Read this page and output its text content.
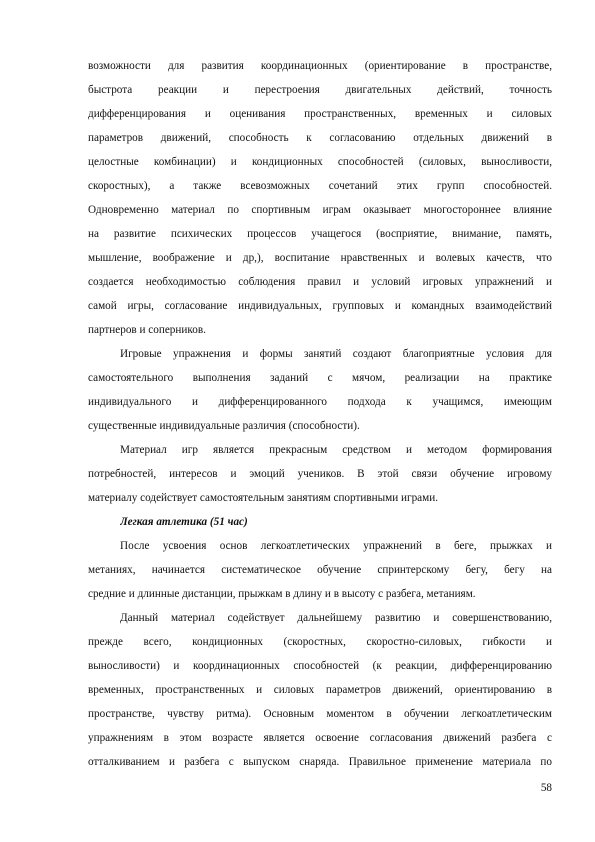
возможности для развития координационных (ориентирование в пространстве,
быстрота реакции и перестроения двигательных действий, точность
дифференцирования и оценивания пространственных, временных и силовых
параметров движений, способность к согласованию отдельных движений в
целостные комбинации) и кондиционных способностей (силовых, выносливости,
скоростных), а также всевозможных сочетаний этих групп способностей.
Одновременно материал по спортивным играм оказывает многостороннее влияние
на развитие психических процессов учащегося (восприятие, внимание, память,
мышление, воображение и др,), воспитание нравственных и волевых качеств, что
создается необходимостью соблюдения правил и условий игровых упражнений и
самой игры, согласование индивидуальных, групповых и командных взаимодействий
партнеров и соперников.
Игровые упражнения и формы занятий создают благоприятные условия для
самостоятельного выполнения заданий с мячом, реализации на практике
индивидуального и дифференцированного подхода к учащимся, имеющим
существенные индивидуальные различия (способности).
Материал игр является прекрасным средством и методом формирования
потребностей, интересов и эмоций учеников. В этой связи обучение игровому
материалу содействует самостоятельным занятиям спортивными играми.
Легкая атлетика (51 час)
После усвоения основ легкоатлетических упражнений в беге, прыжках и
метаниях, начинается систематическое обучение спринтерскому бегу, бегу на
средние и длинные дистанции, прыжкам в длину и в высоту с разбега, метаниям.
Данный материал содействует дальнейшему развитию и совершенствованию,
прежде всего, кондиционных (скоростных, скоростно-силовых, гибкости и
выносливости) и координационных способностей (к реакции, дифференцированию
временных, пространственных и силовых параметров движений, ориентированию в
пространстве, чувству ритма). Основным моментом в обучении легкоатлетическим
упражнениям в этом возрасте является освоение согласования движений разбега с
отталкиванием и разбега с выпуском снаряда. Правильное применение материала по
58
